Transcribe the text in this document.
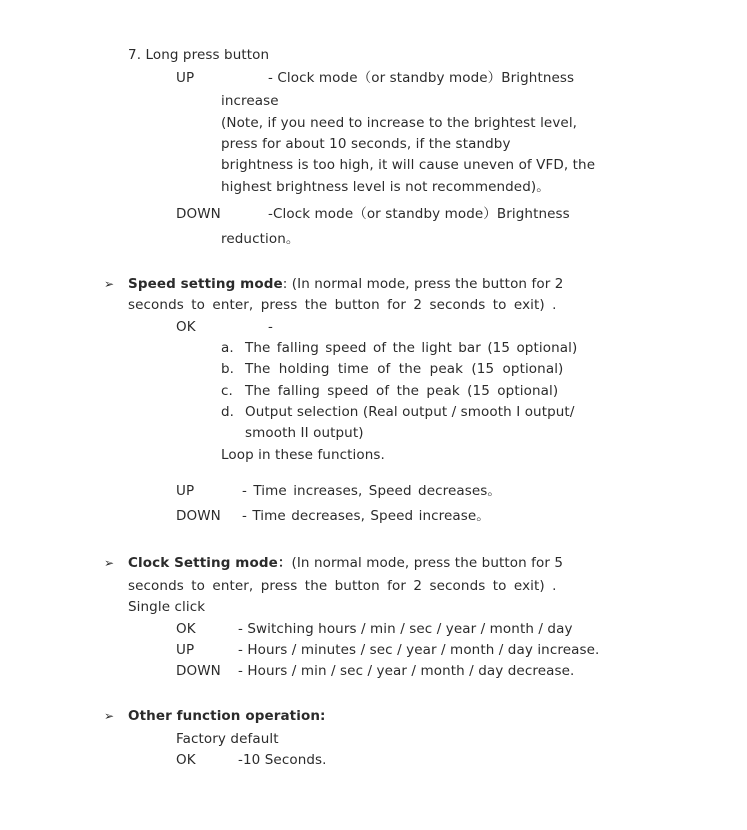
7. Long press button
UP	- Clock mode（or standby mode）Brightness
increase
(Note, if you need to increase to the brightest level,
press for about 10 seconds, if the standby
brightness is too high, it will cause uneven of VFD, the
highest brightness level is not recommended)。
DOWN	-Clock mode（or standby mode）Brightness
reduction。
➢ Speed setting mode: (In normal mode, press the button for 2
seconds to enter, press the button for 2 seconds to exit) .
OK	-
a. The falling speed of the light bar (15 optional)
b. The holding time of the peak (15 optional)
c. The falling speed of the peak (15 optional)
d. Output selection (Real output / smooth I output/
smooth II output)
Loop in these functions.
UP	- Time increases, Speed decreases。
DOWN - Time decreases, Speed increase。
➢ Clock Setting mode：(In normal mode, press the button for 5
seconds to enter, press the button for 2 seconds to exit) .
Single click
OK	- Switching hours / min / sec / year / month / day
UP	- Hours / minutes / sec / year / month / day increase.
DOWN - Hours / min / sec / year / month / day decrease.
➢ Other function operation:
Factory default
OK	-10 Seconds.
